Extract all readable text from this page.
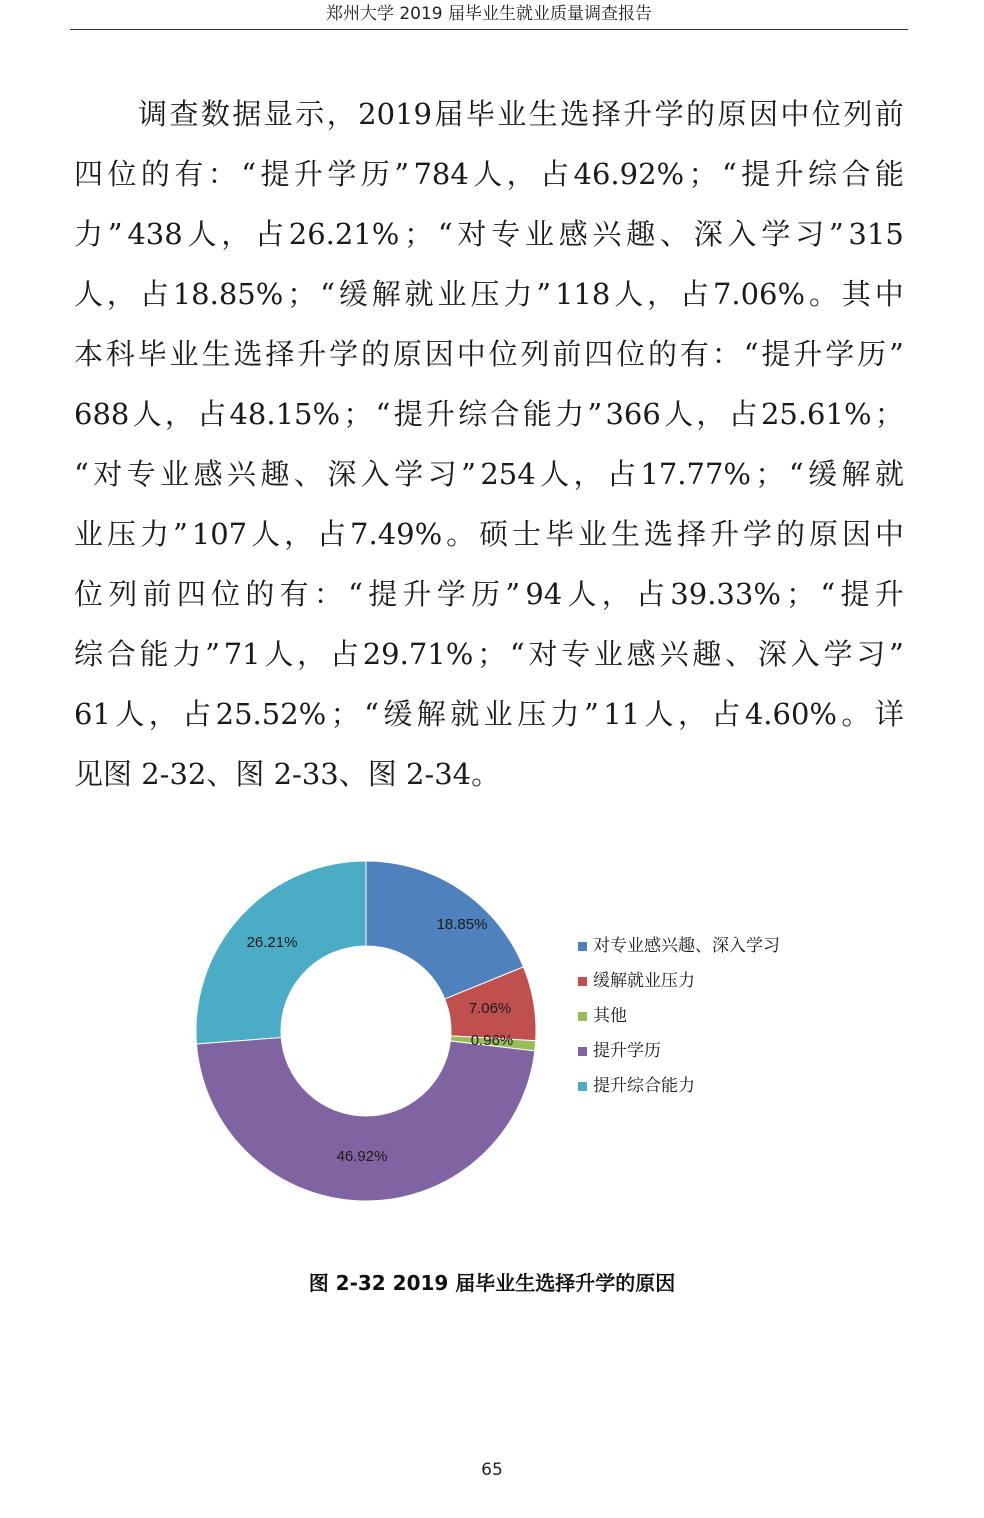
郑州大学 2019 届毕业生就业质量调查报告
调 查 数 据 显 示 ， 2019 届 毕 业 生 选 择 升 学 的 原 因 中 位 列 前
四 位 的 有 ： “ 提 升 学 历 ” 784 人 ， 占 46.92% ； “ 提 升 综 合 能
力 ” 438 人 ， 占 26.21% ； “ 对 专 业 感 兴 趣 、 深 入 学 习 ” 315
人 ， 占 18.85% ； “ 缓 解 就 业 压 力 ” 118 人 ， 占 7.06% 。 其 中
本 科 毕 业 生 选 择 升 学 的 原 因 中 位 列 前 四 位 的 有 ： “ 提 升 学 历 ”
688 人 ， 占 48.15% ； “ 提 升 综 合 能 力 ” 366 人 ， 占 25.61% ；
“ 对 专 业 感 兴 趣 、 深 入 学 习 ” 254 人 ， 占 17.77% ； “ 缓 解 就
业 压 力 ” 107 人 ， 占 7.49% 。 硕 士 毕 业 生 选 择 升 学 的 原 因 中
位 列 前 四 位 的 有 ： “ 提 升 学 历 ” 94 人 ， 占 39.33% ； “ 提 升
综 合 能 力 ” 71 人 ， 占 29.71% ； “ 对 专 业 感 兴 趣 、 深 入 学 习 ”
61 人 ， 占 25.52% ； “ 缓 解 就 业 压 力 ” 11 人 ， 占 4.60% 。 详
见图 2-32、图 2-33、图 2-34。
18.85%
7.06%
0.96%
46.92%
26.21%	对专业感兴趣、深入学习
缓解就业压力
其他
提升学历
提升综合能力
图 2-32 2019 届毕业生选择升学的原因
65
